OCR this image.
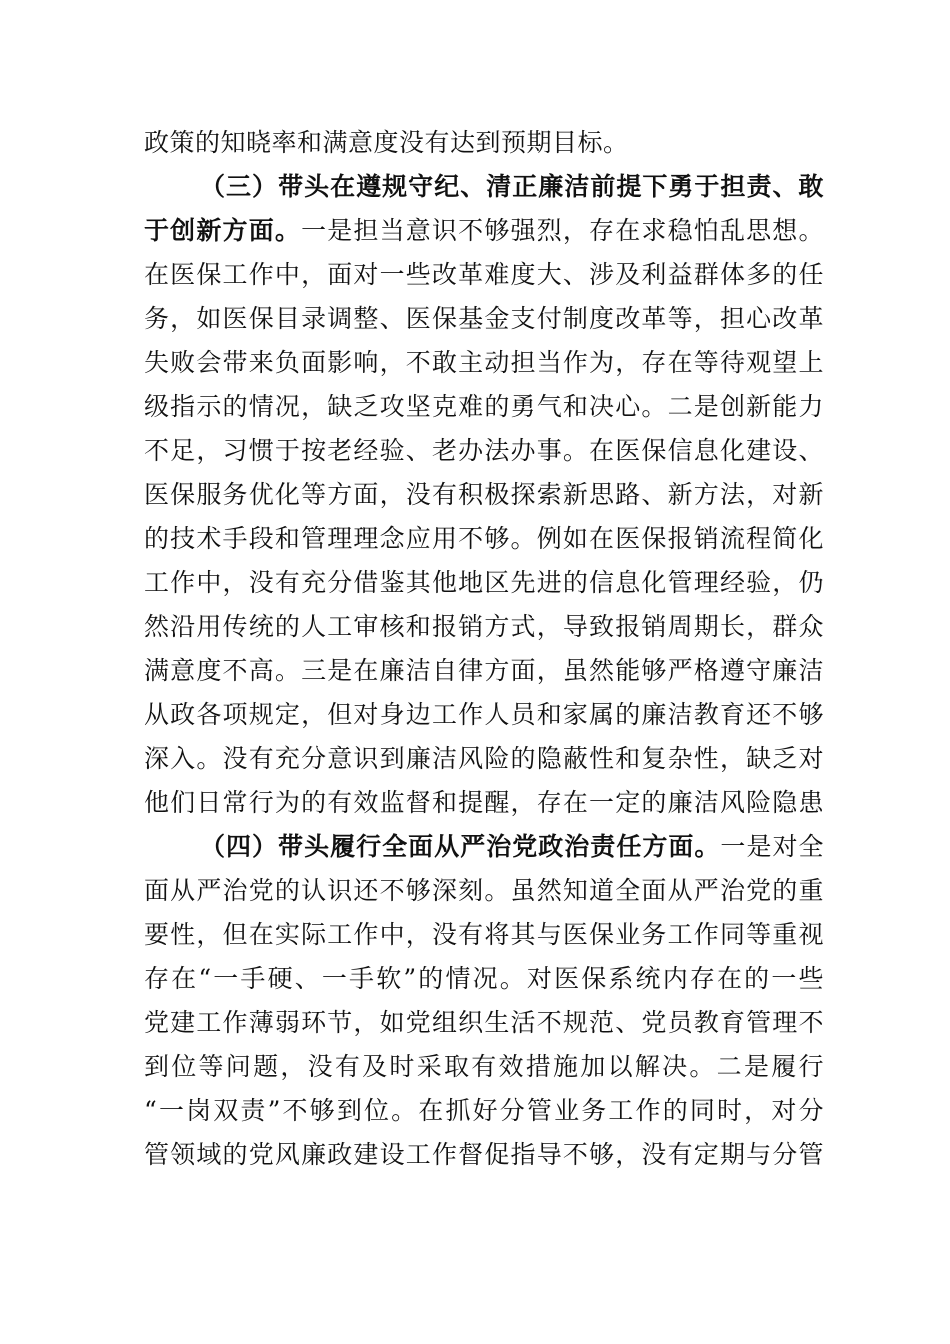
政策的知晓率和满意度没有达到预期目标。
（三）带头在遵规守纪、清正廉洁前提下勇于担责、敢
于创新方面。一是担当意识不够强烈，存在求稳怕乱思想。
在医保工作中，面对一些改革难度大、涉及利益群体多的任
务，如医保目录调整、医保基金支付制度改革等，担心改革
失败会带来负面影响，不敢主动担当作为，存在等待观望上
级指示的情况，缺乏攻坚克难的勇气和决心。二是创新能力
不足，习惯于按老经验、老办法办事。在医保信息化建设、
医保服务优化等方面，没有积极探索新思路、新方法，对新
的技术手段和管理理念应用不够。例如在医保报销流程简化
工作中，没有充分借鉴其他地区先进的信息化管理经验，仍
然沿用传统的人工审核和报销方式，导致报销周期长，群众
满意度不高。三是在廉洁自律方面，虽然能够严格遵守廉洁
从政各项规定，但对身边工作人员和家属的廉洁教育还不够
深入。没有充分意识到廉洁风险的隐蔽性和复杂性，缺乏对
他们日常行为的有效监督和提醒，存在一定的廉洁风险隐患
（四）带头履行全面从严治党政治责任方面。一是对全
面从严治党的认识还不够深刻。虽然知道全面从严治党的重
要性，但在实际工作中，没有将其与医保业务工作同等重视
存在“一手硬、一手软”的情况。对医保系统内存在的一些
党建工作薄弱环节，如党组织生活不规范、党员教育管理不
到位等问题，没有及时采取有效措施加以解决。二是履行
“一岗双责”不够到位。在抓好分管业务工作的同时，对分
管领域的党风廉政建设工作督促指导不够，没有定期与分管
